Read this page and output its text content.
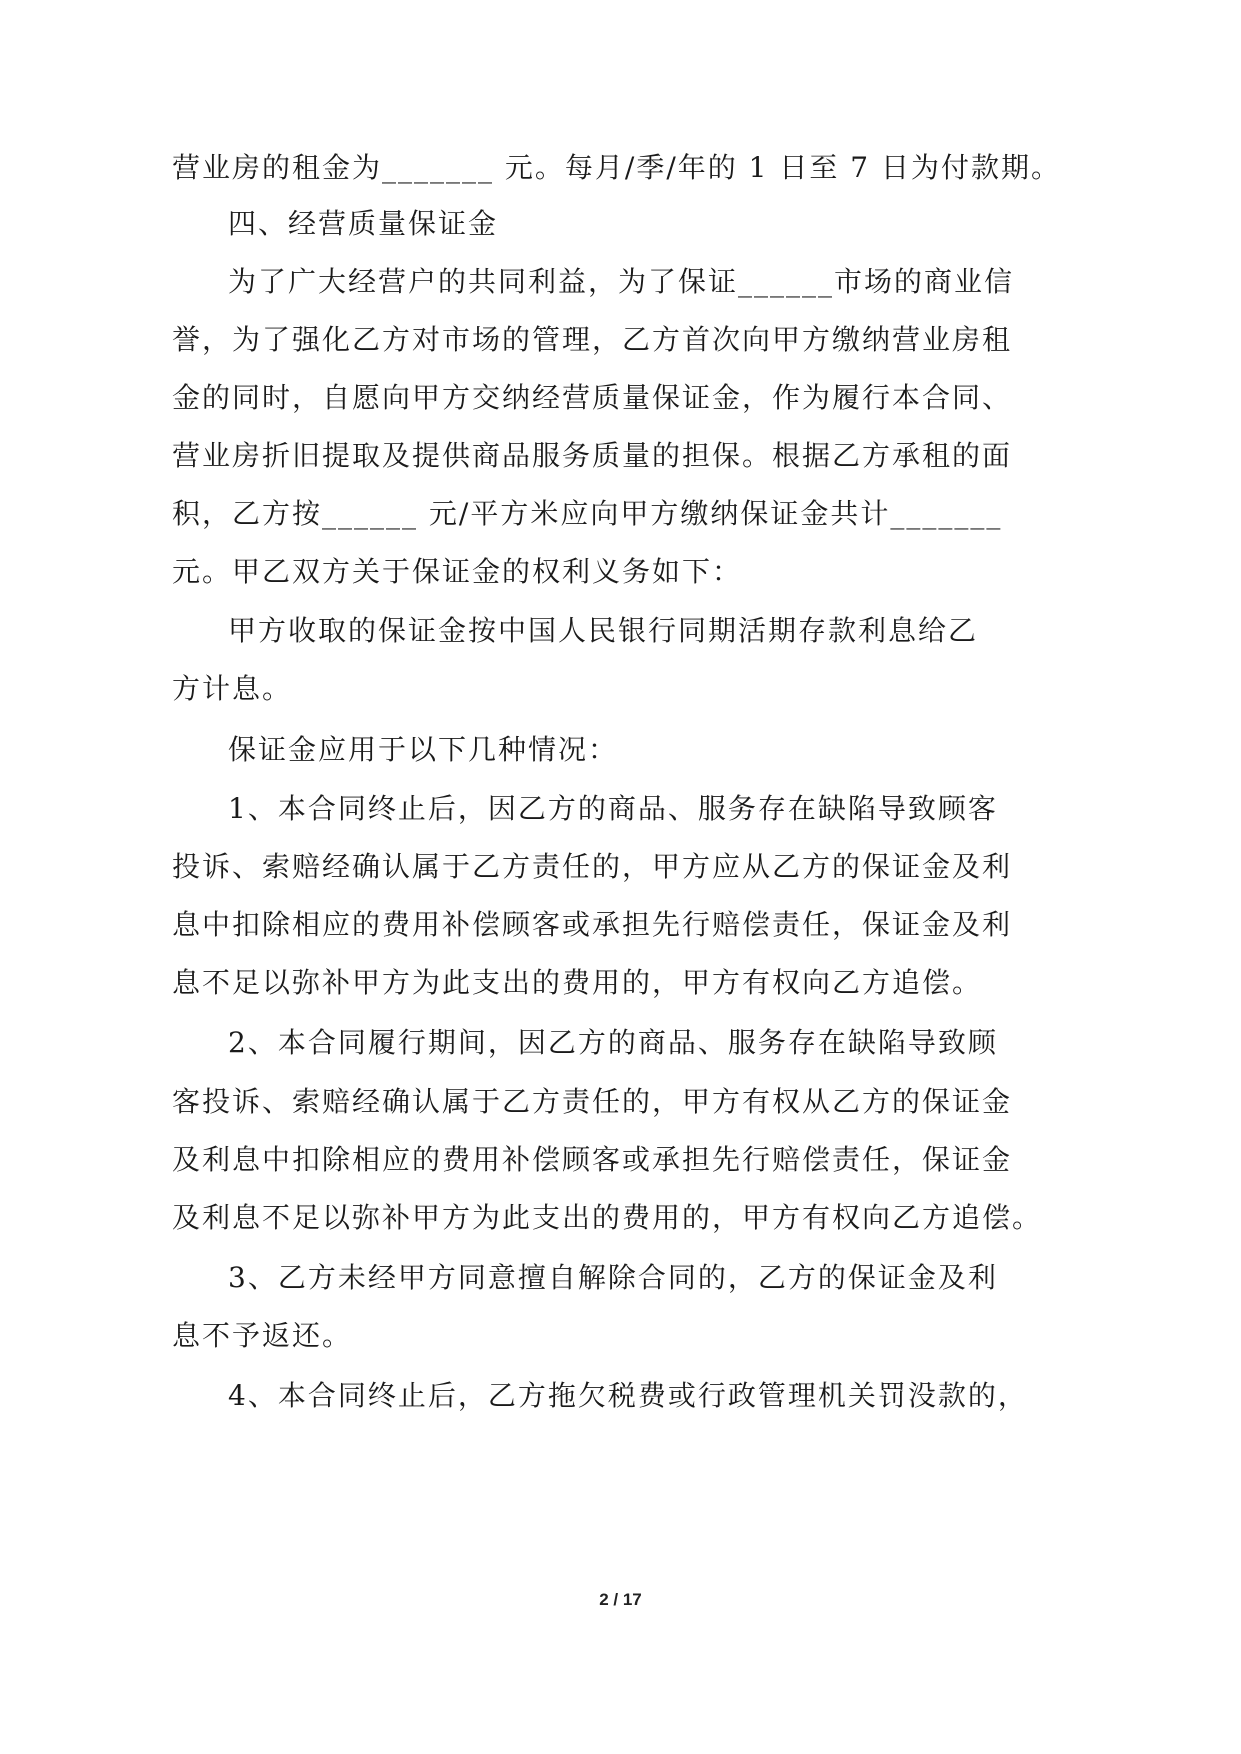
营业房的租金为_______ 元。每月/季/年的 1 日至 7 日为付款期。
四、经营质量保证金
为了广大经营户的共同利益，为了保证______市场的商业信
誉，为了强化乙方对市场的管理，乙方首次向甲方缴纳营业房租
金的同时，自愿向甲方交纳经营质量保证金，作为履行本合同、
营业房折旧提取及提供商品服务质量的担保。根据乙方承租的面
积，乙方按______ 元/平方米应向甲方缴纳保证金共计_______
元。甲乙双方关于保证金的权利义务如下：
甲方收取的保证金按中国人民银行同期活期存款利息给乙
方计息。
保证金应用于以下几种情况：
1、本合同终止后，因乙方的商品、服务存在缺陷导致顾客
投诉、索赔经确认属于乙方责任的，甲方应从乙方的保证金及利
息中扣除相应的费用补偿顾客或承担先行赔偿责任，保证金及利
息不足以弥补甲方为此支出的费用的，甲方有权向乙方追偿。
2、本合同履行期间，因乙方的商品、服务存在缺陷导致顾
客投诉、索赔经确认属于乙方责任的，甲方有权从乙方的保证金
及利息中扣除相应的费用补偿顾客或承担先行赔偿责任，保证金
及利息不足以弥补甲方为此支出的费用的，甲方有权向乙方追偿。
3、乙方未经甲方同意擅自解除合同的，乙方的保证金及利
息不予返还。
4、本合同终止后，乙方拖欠税费或行政管理机关罚没款的，
2 / 17
